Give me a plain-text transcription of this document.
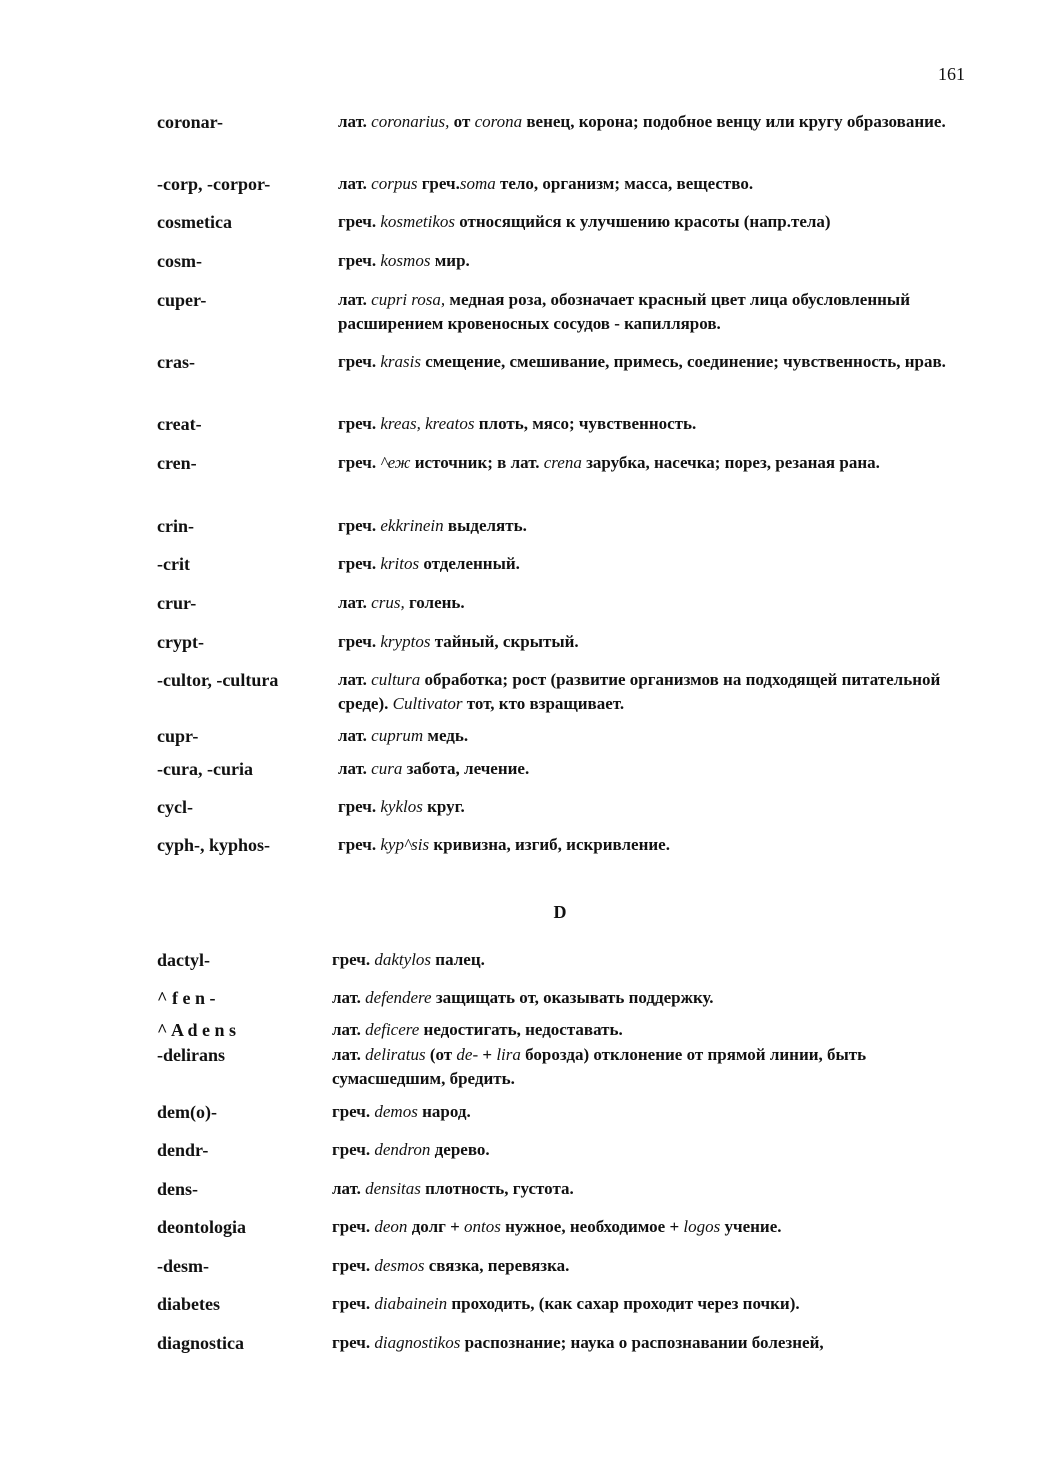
161
D
coronar-	лат. coronarius, от corona венец, корона; подобное венцу или кругу образование.
-corp, -corpor-	лат. corpus греч.soma тело, организм; масса, вещество.
cosmetica	греч. kosmetikos относящийся к улучшению красоты (напр.тела)
cosm-	греч. kosmos мир.
cuper-	лат. cupri rosa, медная роза, обозначает красный цвет лица обусловленный расширением кровеносных сосудов - капилляров.
cras-	греч. krasis смещение, смешивание, примесь, соединение; чувственность, нрав.
creat-	греч. kreas, kreatos плоть, мясо; чувственность.
cren-	греч. ^еж источник; в лат. crena зарубка, насечка; порез, резаная рана.
crin-	греч. ekkrinein выделять.
-crit	греч. kritos отделенный.
crur-	лат. crus, голень.
crypt-	греч. kryptos тайный, скрытый.
-cultor, -cultura	лат. cultura обработка; рост (развитие организмов на подходящей питательной среде). Cultivator тот, кто взращивает.
cupr-	лат. cuprum медь.
-cura, -curia	лат. cura забота, лечение.
cycl-	греч. kyklos круг.
cyph-, kyphos-	греч. kyp^sis кривизна, изгиб, искривление.
dactyl-	греч. daktylos палец.
^ f e n -	лат. defendere защищать от, оказывать поддержку.
^ A d e n s	лат. deficere недостигать, недоставать.
-delirans	лат. deliratus (от de- + lira борозда) отклонение от прямой линии, быть сумасшедшим, бредить.
dem(o)-	греч. demos народ.
dendr-	греч. dendron дерево.
dens-	лат. densitas плотность, густота.
deontologia	греч. deon долг + ontos нужное, необходимое + logos учение.
-desm-	греч. desmos связка, перевязка.
diabetes	греч. diabainein проходить, (как сахар проходит через почки).
diagnostica	греч. diagnostikos распознание; наука о распознавании болезней,
